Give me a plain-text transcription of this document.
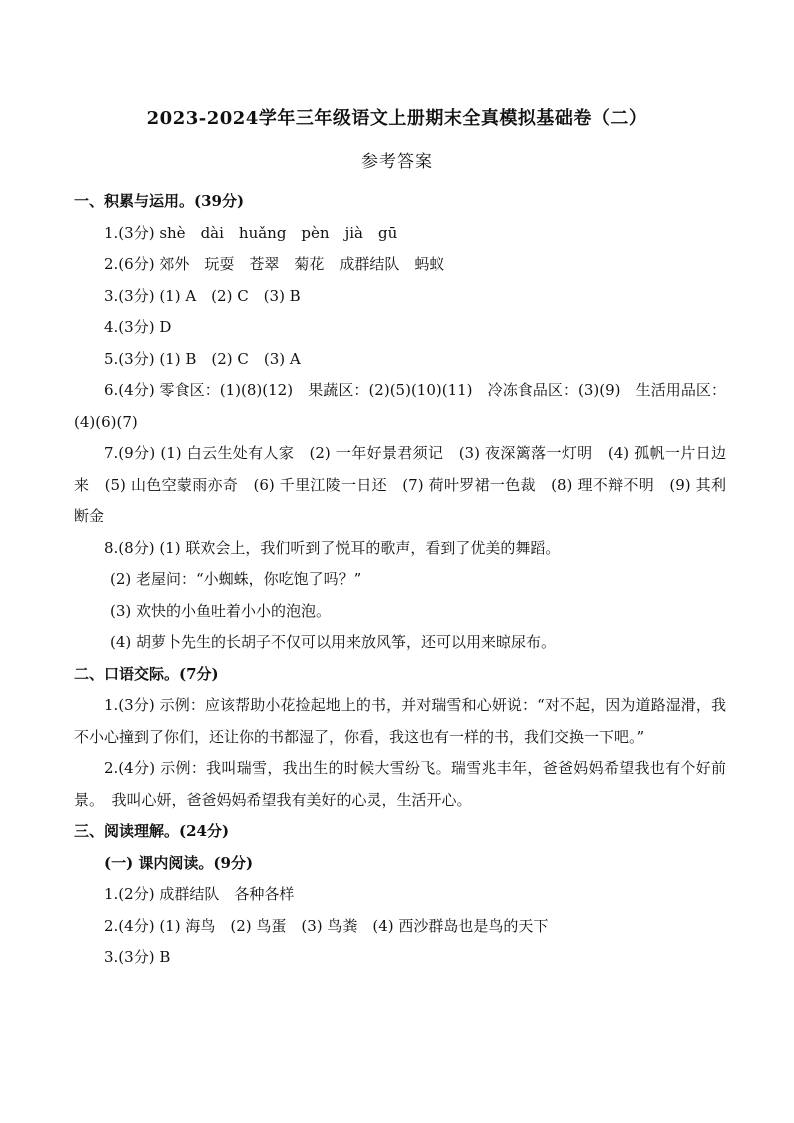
2023-2024学年三年级语文上册期末全真模拟基础卷（二）
参考答案

一、积累与运用。(39分)

1.(3分) shè　dài　huǎng　pèn　jià　gū

2.(6分) 郊外　玩耍　苍翠　菊花　成群结队　蚂蚁

3.(3分) (1) A　(2) C　(3) B

4.(3分) D

5.(3分) (1) B　(2) C　(3) A

6.(4分) 零食区：(1)(8)(12)　果蔬区：(2)(5)(10)(11)　冷冻食品区：(3)(9)　生活用品区：(4)(6)(7)

7.(9分) (1) 白云生处有人家　(2) 一年好景君须记　(3) 夜深篱落一灯明　(4) 孤帆一片日边来　(5) 山色空蒙雨亦奇　(6) 千里江陵一日还　(7) 荷叶罗裙一色裁　(8) 理不辩不明　(9) 其利断金

8.(8分) (1) 联欢会上，我们听到了悦耳的歌声，看到了优美的舞蹈。

(2) 老屋问：“小蜘蛛，你吃饱了吗？”

(3) 欢快的小鱼吐着小小的泡泡。

(4) 胡萝卜先生的长胡子不仅可以用来放风筝，还可以用来晾尿布。

二、口语交际。(7分)

1.(3分) 示例：应该帮助小花捡起地上的书，并对瑞雪和心妍说：“对不起，因为道路湿滑，我不小心撞到了你们，还让你的书都湿了，你看，我这也有一样的书，我们交换一下吧。”

2.(4分) 示例：我叫瑞雪，我出生的时候大雪纷飞。瑞雪兆丰年，爸爸妈妈希望我也有个好前景。　我叫心妍，爸爸妈妈希望我有美好的心灵，生活开心。

三、阅读理解。(24分)

(一) 课内阅读。(9分)

1.(2分) 成群结队　各种各样

2.(4分) (1) 海鸟　(2) 鸟蛋　(3) 鸟粪　(4) 西沙群岛也是鸟的天下

3.(3分) B
